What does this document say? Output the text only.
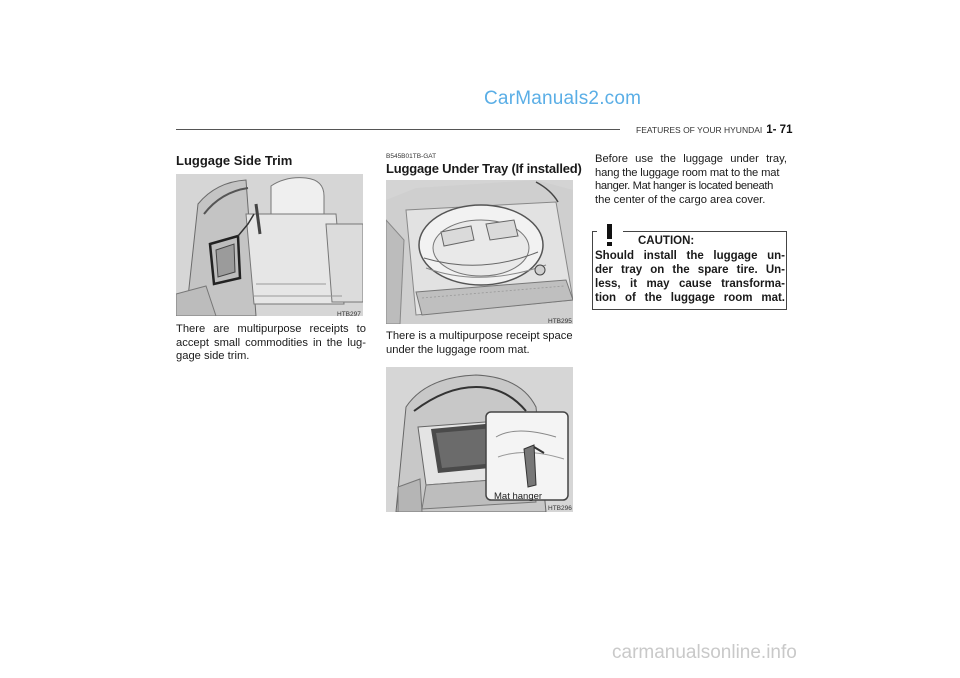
CarManuals2.com
FEATURES OF YOUR HYUNDAI 1- 71
Luggage Side Trim
HTB297
There are multipurpose receipts to
accept small commodities in the lug-
gage side trim.
B545B01TB-GAT
Luggage Under Tray (If installed)
HTB295
There is a multipurpose receipt space
under the luggage room mat.
Mat hanger
HTB296
Before use the luggage under tray,
hang the luggage room mat to the mat
hanger. Mat hanger is located beneath
the center of the cargo area cover.
CAUTION:
Should install the luggage un-
der tray on the spare tire. Un-
less, it may cause transforma-
tion of the luggage room mat.
carmanualsonline.info
